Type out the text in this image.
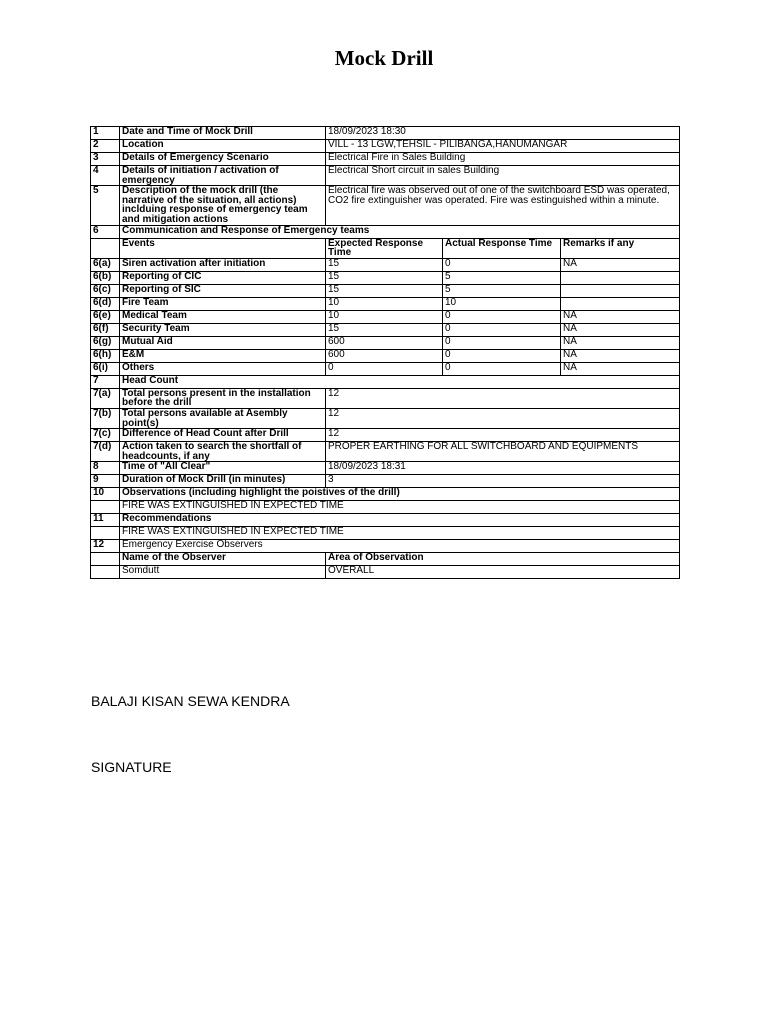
Mock Drill
1	Date and Time of Mock Drill	18/09/2023 18:30		
2	Location	VILL - 13 LGW,TEHSIL - PILIBANGA,HANUMANGAR		
3	Details of Emergency Scenario	Electrical Fire in Sales Building		
4	Details of initiation / activation of emergency	Electrical Short circuit in sales Building		
5	Description of the mock drill (the narrative of the situation, all actions) inclduing response of emergency team and mitigation actions	Electrical fire was observed out of one of the switchboard ESD was operated, CO2 fire extinguisher was operated. Fire was estinguished within a minute.		
6	Communication and Response of Emergency teams			
	Events	Expected Response Time	Actual Response Time	Remarks if any
6(a)	Siren activation after initiation	15	0	NA
6(b)	Reporting of CIC	15	5	
6(c)	Reporting of SIC	15	5	
6(d)	Fire Team	10	10	
6(e)	Medical Team	10	0	NA
6(f)	Security Team	15	0	NA
6(g)	Mutual Aid	600	0	NA
6(h)	E&M	600	0	NA
6(i)	Others	0	0	NA
7	Head Count			
7(a)	Total persons present in the installation before the drill	12		
7(b)	Total persons available at Asembly point(s)	12		
7(c)	Difference of Head Count after Drill	12		
7(d)	Action taken to search the shortfall of headcounts, if any	PROPER EARTHING FOR ALL SWITCHBOARD AND EQUIPMENTS		
8	Time of "All Clear"	18/09/2023 18:31		
9	Duration of Mock Drill (in minutes)	3		
10	Observations (including highlight the poistives of the drill)			
	FIRE WAS EXTINGUISHED IN EXPECTED TIME			
11	Recommendations			
	FIRE WAS EXTINGUISHED IN EXPECTED TIME			
12	Emergency Exercise Observers			
	Name of the Observer	Area of Observation		
	Somdutt	OVERALL		
BALAJI KISAN SEWA KENDRA
SIGNATURE
